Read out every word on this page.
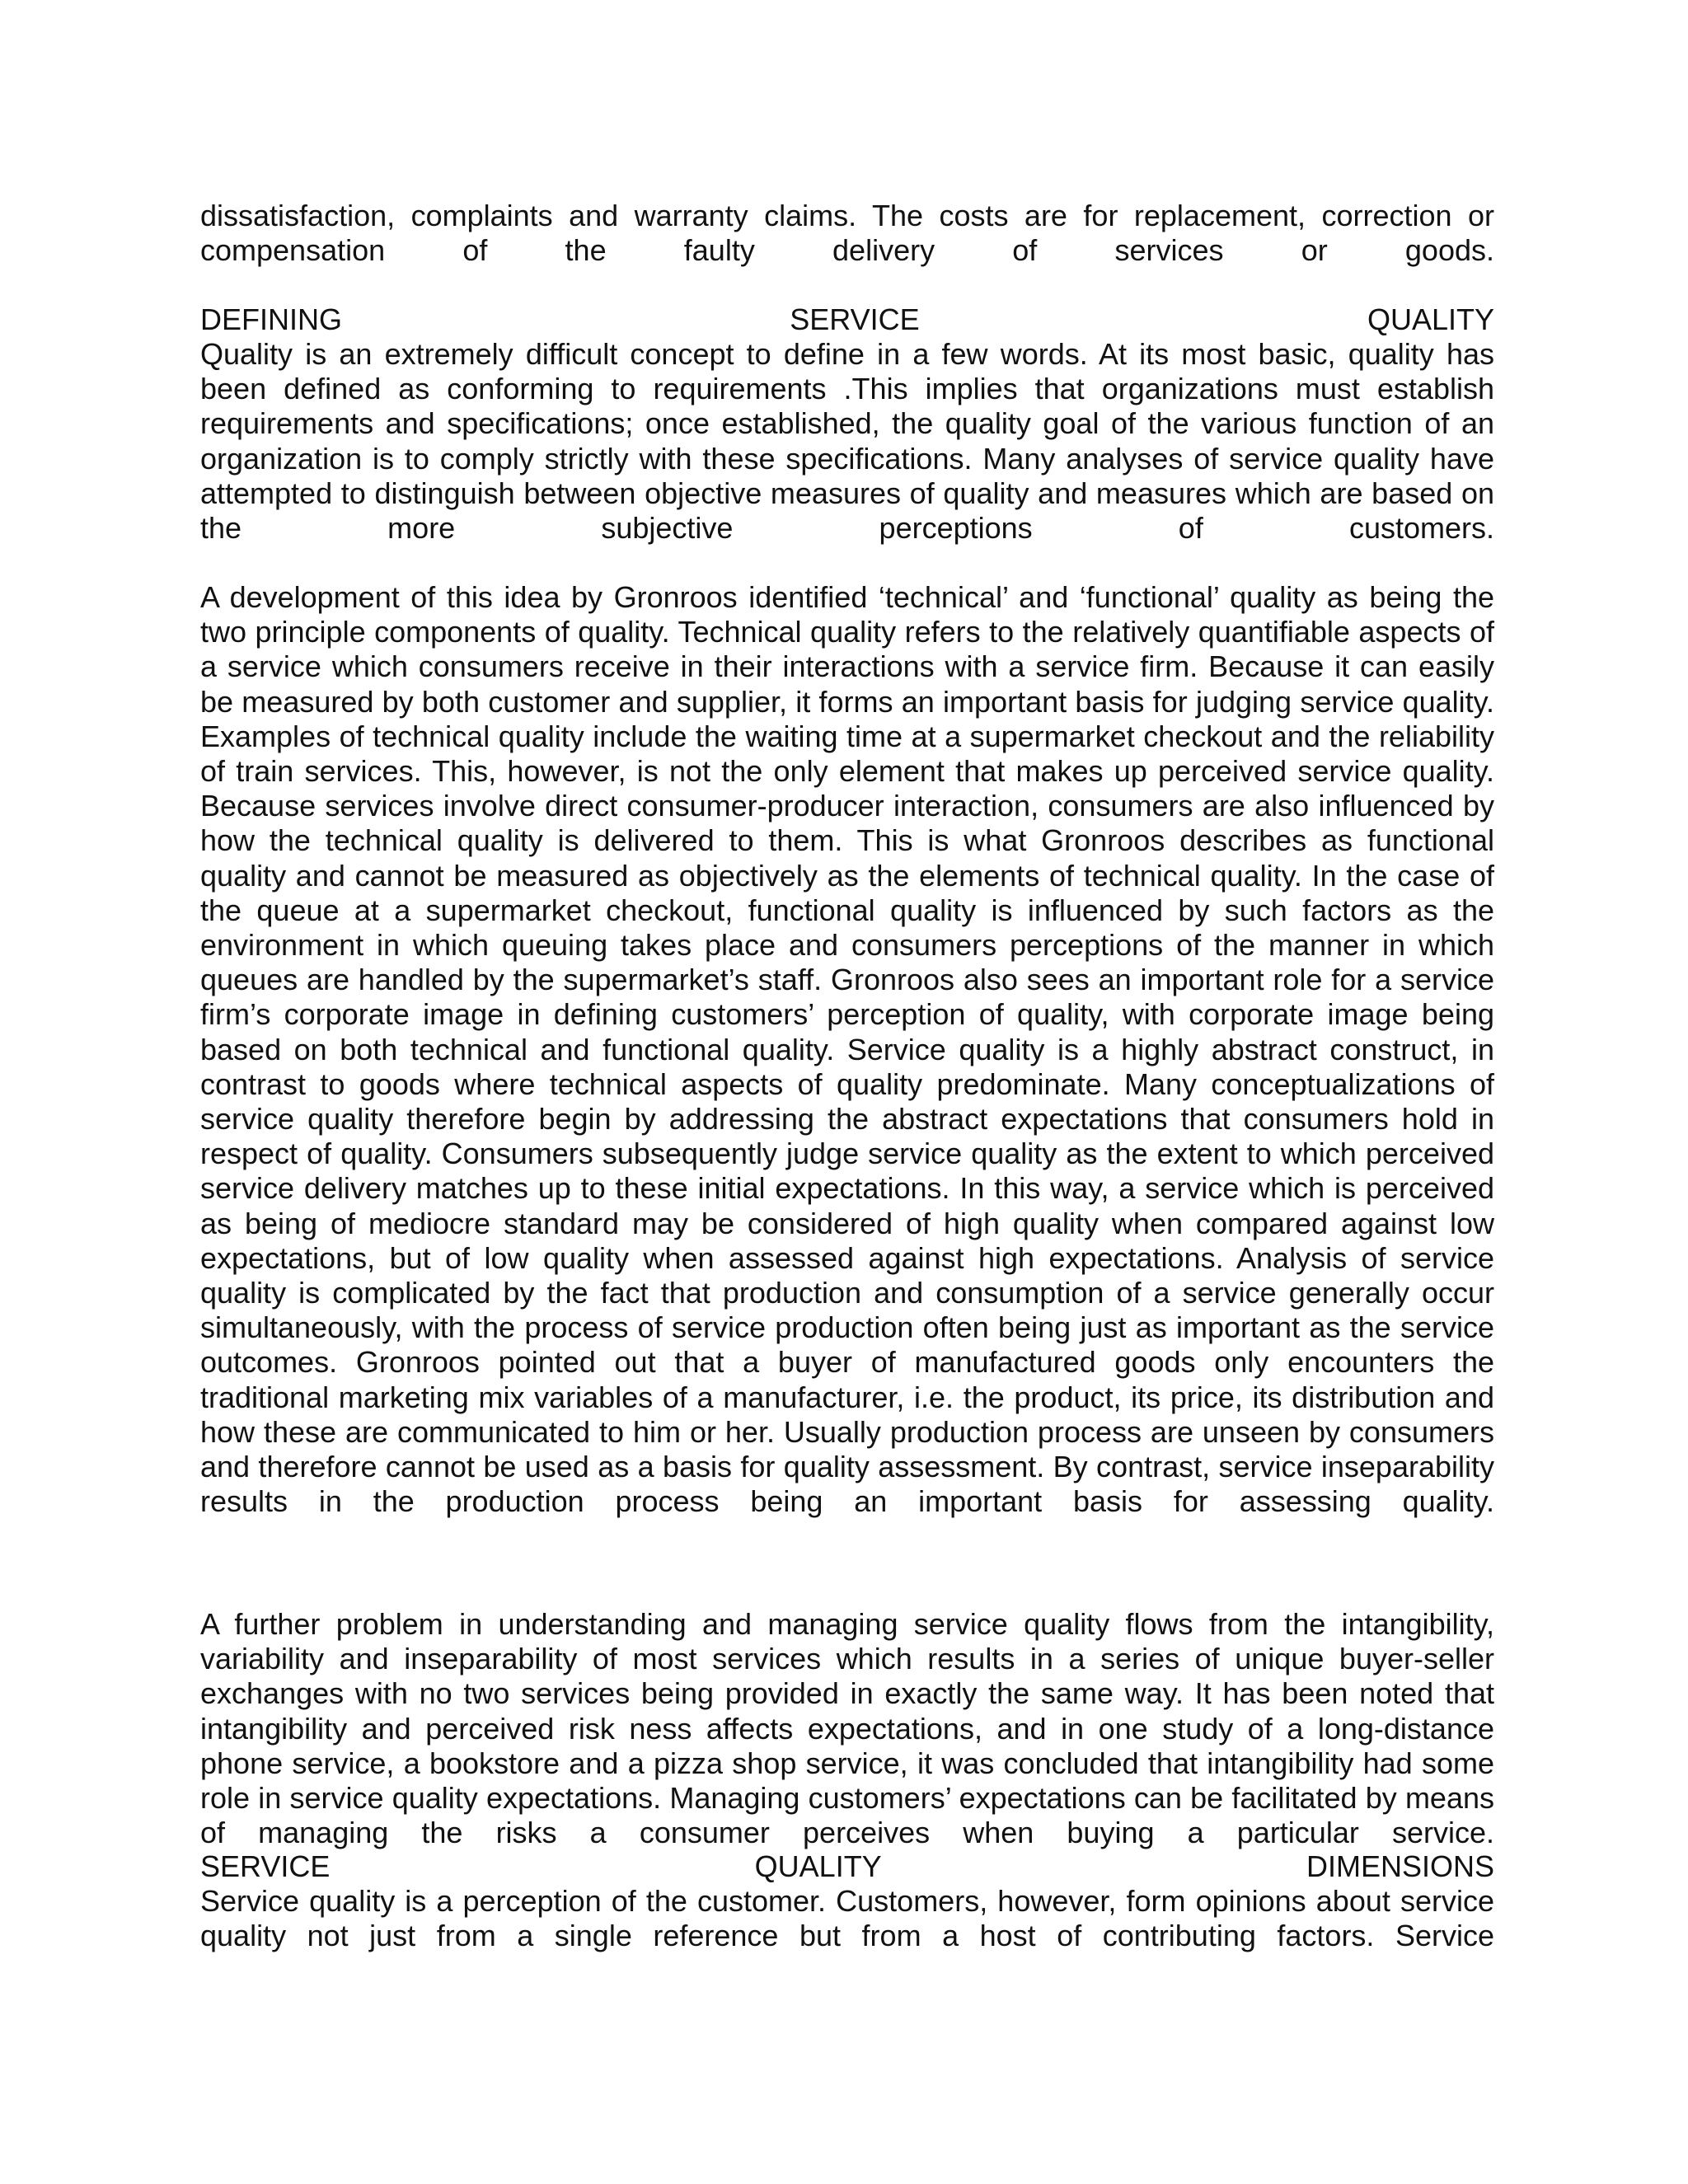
dissatisfaction, complaints and warranty claims. The costs are for replacement, correction or compensation of the faulty delivery of services or goods.
DEFINING	SERVICE	QUALITY
Quality is an extremely difficult concept to define in a few words. At its most basic, quality has been defined as conforming to requirements .This implies that organizations must establish requirements and specifications; once established, the quality goal of the various function of an organization is to comply strictly with these specifications. Many analyses of service quality have attempted to distinguish between objective measures of quality and measures which are based on the more subjective perceptions of customers.
A development of this idea by Gronroos identified ‘technical’ and ‘functional’ quality as being the two principle components of quality. Technical quality refers to the relatively quantifiable aspects of a service which consumers receive in their interactions with a service firm. Because it can easily be measured by both customer and supplier, it forms an important basis for judging service quality. Examples of technical quality include the waiting time at a supermarket checkout and the reliability of train services. This, however, is not the only element that makes up perceived service quality. Because services involve direct consumer-producer interaction, consumers are also influenced by how the technical quality is delivered to them. This is what Gronroos describes as functional quality and cannot be measured as objectively as the elements of technical quality. In the case of the queue at a supermarket checkout, functional quality is influenced by such factors as the environment in which queuing takes place and consumers perceptions of the manner in which queues are handled by the supermarket’s staff. Gronroos also sees an important role for a service firm’s corporate image in defining customers’ perception of quality, with corporate image being based on both technical and functional quality. Service quality is a highly abstract construct, in contrast to goods where technical aspects of quality predominate. Many conceptualizations of service quality therefore begin by addressing the abstract expectations that consumers hold in respect of quality. Consumers subsequently judge service quality as the extent to which perceived service delivery matches up to these initial expectations. In this way, a service which is perceived as being of mediocre standard may be considered of high quality when compared against low expectations, but of low quality when assessed against high expectations. Analysis of service quality is complicated by the fact that production and consumption of a service generally occur simultaneously, with the process of service production often being just as important as the service outcomes. Gronroos pointed out that a buyer of manufactured goods only encounters the traditional marketing mix variables of a manufacturer, i.e. the product, its price, its distribution and how these are communicated to him or her. Usually production process are unseen by consumers and therefore cannot be used as a basis for quality assessment. By contrast, service inseparability results in the production process being an important basis for assessing quality.
A further problem in understanding and managing service quality flows from the intangibility, variability and inseparability of most services which results in a series of unique buyer-seller exchanges with no two services being provided in exactly the same way. It has been noted that intangibility and perceived risk ness affects expectations, and in one study of a long-distance phone service, a bookstore and a pizza shop service, it was concluded that intangibility had some role in service quality expectations. Managing customers’ expectations can be facilitated by means of managing the risks a consumer perceives when buying a particular service.
SERVICE	QUALITY	DIMENSIONS
Service quality is a perception of the customer. Customers, however, form opinions about service quality not just from a single reference but from a host of contributing factors. Service
